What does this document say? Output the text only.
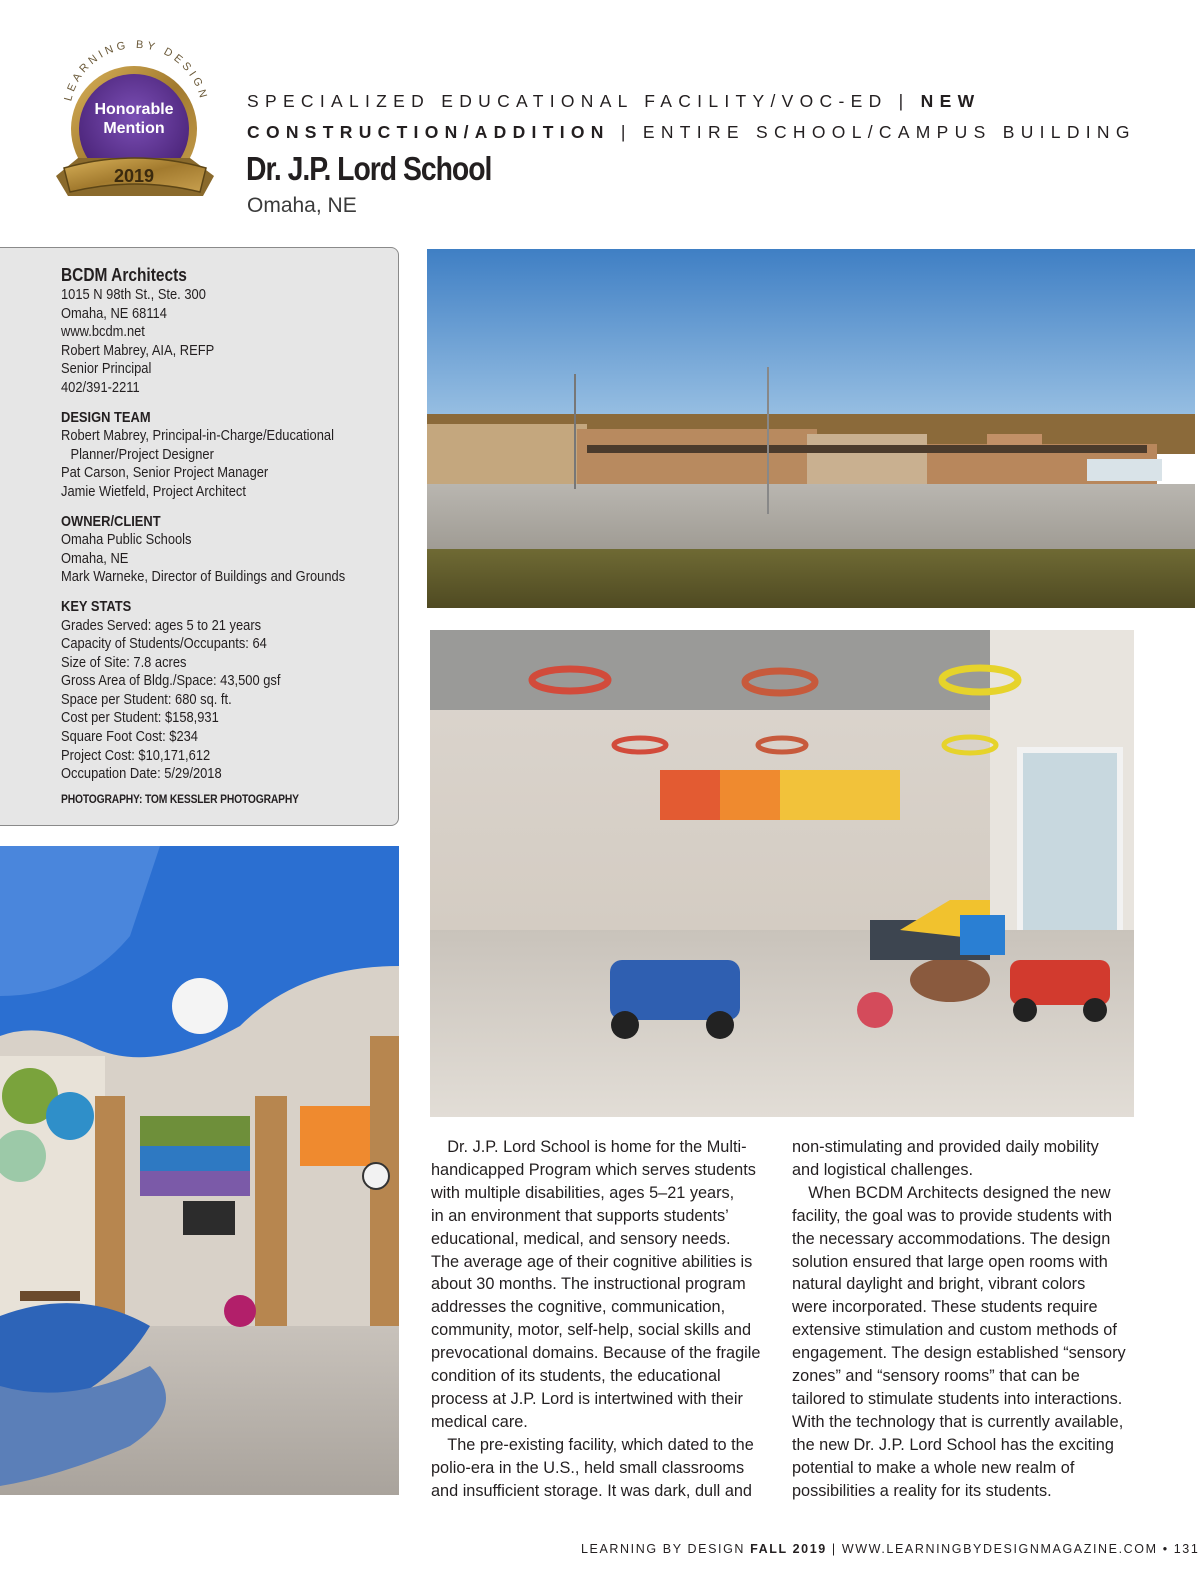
LEARNING BY DESIGN
Honorable
Mention
2019
SPECIALIZED EDUCATIONAL FACILITY/VOC-ED | NEW
CONSTRUCTION/ADDITION | ENTIRE SCHOOL/CAMPUS BUILDING
Dr. J.P. Lord School
Omaha, NE
BCDM Architects
1015 N 98th St., Ste. 300
Omaha, NE 68114
www.bcdm.net
Robert Mabrey, AIA, REFP
Senior Principal
402/391-2211
DESIGN TEAM
Robert Mabrey, Principal-in-Charge/Educational
Planner/Project Designer
Pat Carson, Senior Project Manager
Jamie Wietfeld, Project Architect
OWNER/CLIENT
Omaha Public Schools
Omaha, NE
Mark Warneke, Director of Buildings and Grounds
KEY STATS
Grades Served: ages 5 to 21 years
Capacity of Students/Occupants: 64
Size of Site: 7.8 acres
Gross Area of Bldg./Space: 43,500 gsf
Space per Student: 680 sq. ft.
Cost per Student: $158,931
Square Foot Cost: $234
Project Cost: $10,171,612
Occupation Date: 5/29/2018
PHOTOGRAPHY: TOM KESSLER PHOTOGRAPHY

 Dr. J.P. Lord School is home for the Multi-

handicapped Program which serves students

with multiple disabilities, ages 5–21 years,

in an environment that supports students’

educational, medical, and sensory needs.

The average age of their cognitive abilities is

about 30 months. The instructional program

addresses the cognitive, communication,

community, motor, self-help, social skills and

prevocational domains. Because of the fragile

condition of its students, the educational

process at J.P. Lord is intertwined with their

medical care.

 The pre-existing facility, which dated to the

polio-era in the U.S., held small classrooms

and insufficient storage. It was dark, dull and

non-stimulating and provided daily mobility

and logistical challenges.

 When BCDM Architects designed the new

facility, the goal was to provide students with

the necessary accommodations. The design

solution ensured that large open rooms with

natural daylight and bright, vibrant colors

were incorporated. These students require

extensive stimulation and custom methods of

engagement. The design established “sensory

zones” and “sensory rooms” that can be

tailored to stimulate students into interactions.

With the technology that is currently available,

the new Dr. J.P. Lord School has the exciting

potential to make a whole new realm of

possibilities a reality for its students.

LEARNING BY DESIGN FALL 2019 | WWW.LEARNINGBYDESIGNMAGAZINE.COM • 131
